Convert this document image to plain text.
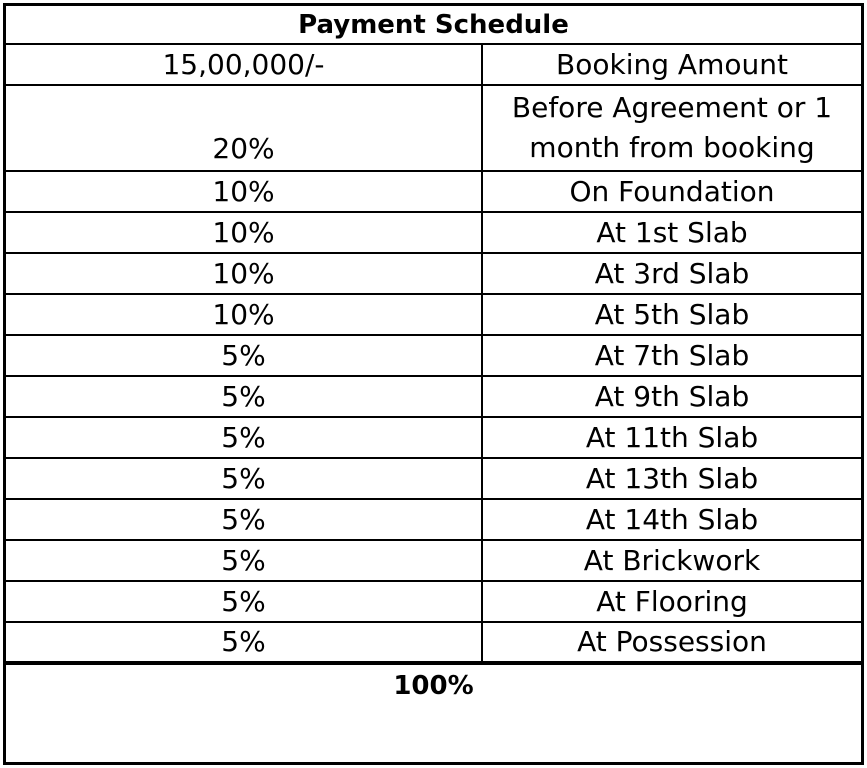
Payment Schedule	
15,00,000/-	Booking Amount
20%	Before Agreement or 1 month from booking
10%	On Foundation
10%	At 1st Slab
10%	At 3rd Slab
10%	At 5th Slab
5%	At 7th Slab
5%	At 9th Slab
5%	At 11th Slab
5%	At 13th Slab
5%	At 14th Slab
5%	At Brickwork
5%	At Flooring
5%	At Possession
100%	
